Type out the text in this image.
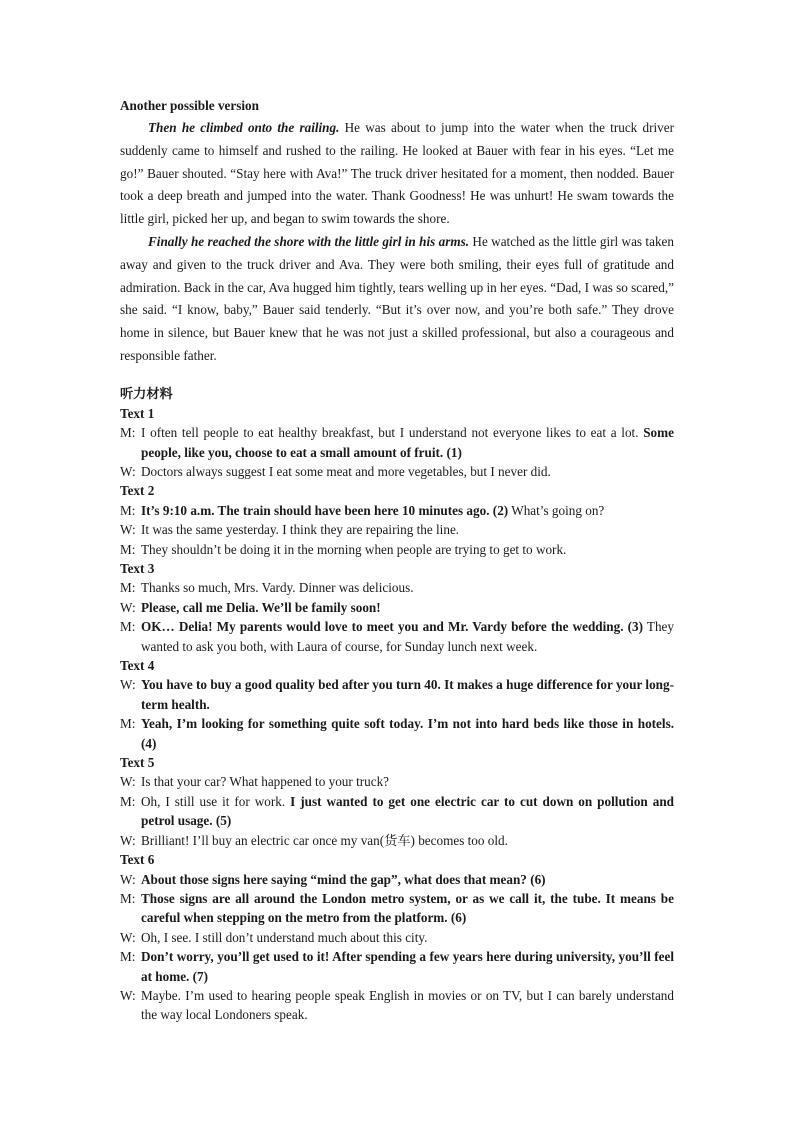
Another possible version

Then he climbed onto the railing. He was about to jump into the water when the truck driver suddenly came to himself and rushed to the railing. He looked at Bauer with fear in his eyes. “Let me go!” Bauer shouted. “Stay here with Ava!” The truck driver hesitated for a moment, then nodded. Bauer took a deep breath and jumped into the water. Thank Goodness! He was unhurt! He swam towards the little girl, picked her up, and began to swim towards the shore.

Finally he reached the shore with the little girl in his arms. He watched as the little girl was taken away and given to the truck driver and Ava. They were both smiling, their eyes full of gratitude and admiration. Back in the car, Ava hugged him tightly, tears welling up in her eyes. “Dad, I was so scared,” she said. “I know, baby,” Bauer said tenderly. “But it’s over now, and you’re both safe.” They drove home in silence, but Bauer knew that he was not just a skilled professional, but also a courageous and responsible father.

听力材料
Text 1
M: I often tell people to eat healthy breakfast, but I understand not everyone likes to eat a lot. Some people, like you, choose to eat a small amount of fruit. (1)
W: Doctors always suggest I eat some meat and more vegetables, but I never did.
Text 2
M: It’s 9:10 a.m. The train should have been here 10 minutes ago. (2) What’s going on?
W: It was the same yesterday. I think they are repairing the line.
M: They shouldn’t be doing it in the morning when people are trying to get to work.
Text 3
M: Thanks so much, Mrs. Vardy. Dinner was delicious.
W: Please, call me Delia. We’ll be family soon!
M: OK… Delia! My parents would love to meet you and Mr. Vardy before the wedding. (3) They wanted to ask you both, with Laura of course, for Sunday lunch next week.
Text 4
W: You have to buy a good quality bed after you turn 40. It makes a huge difference for your long-term health.
M: Yeah, I’m looking for something quite soft today. I’m not into hard beds like those in hotels. (4)
Text 5
W: Is that your car? What happened to your truck?
M: Oh, I still use it for work. I just wanted to get one electric car to cut down on pollution and petrol usage. (5)
W: Brilliant! I’ll buy an electric car once my van(货车) becomes too old.
Text 6
W: About those signs here saying “mind the gap”, what does that mean? (6)
M: Those signs are all around the London metro system, or as we call it, the tube. It means be careful when stepping on the metro from the platform. (6)
W: Oh, I see. I still don’t understand much about this city.
M: Don’t worry, you’ll get used to it! After spending a few years here during university, you’ll feel at home. (7)
W: Maybe. I’m used to hearing people speak English in movies or on TV, but I can barely understand the way local Londoners speak.
